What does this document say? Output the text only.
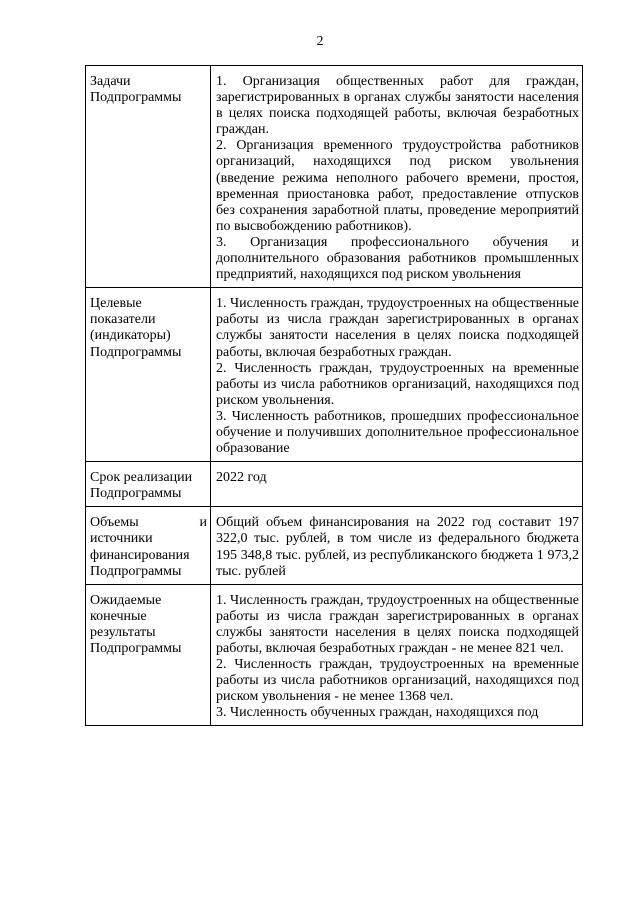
2
Задачи Подпрограммы	1. Организация общественных работ для граждан, зарегистрированных в органах службы занятости населения в целях поиска подходящей работы, включая безработных граждан.
2. Организация временного трудоустройства работников организаций, находящихся под риском увольнения (введение режима неполного рабочего времени, простоя, временная приостановка работ, предоставление отпусков без сохранения заработной платы, проведение мероприятий по высвобождению работников).
3. Организация профессионального обучения и дополнительного образования работников промышленных предприятий, находящихся под риском увольнения

Целевые показатели (индикаторы) Подпрограммы	1. Численность граждан, трудоустроенных на общественные работы из числа граждан зарегистрированных в органах службы занятости населения в целях поиска подходящей работы, включая безработных граждан.
2. Численность граждан, трудоустроенных на временные работы из числа работников организаций, находящихся под риском увольнения.
3. Численность работников, прошедших профессиональное обучение и получивших дополнительное профессиональное образование

Срок реализации Подпрограммы	2022 год

Объемы и источники финансирования Подпрограммы	Общий объем финансирования на 2022 год составит 197 322,0 тыс. рублей, в том числе из федерального бюджета 195 348,8 тыс. рублей, из республиканского бюджета 1 973,2 тыс. рублей

Ожидаемые конечные результаты Подпрограммы	1. Численность граждан, трудоустроенных на общественные работы из числа граждан зарегистрированных в органах службы занятости населения в целях поиска подходящей работы, включая безработных граждан - не менее 821 чел.
2. Численность граждан, трудоустроенных на временные работы из числа работников организаций, находящихся под риском увольнения - не менее 1368 чел.
3. Численность обученных граждан, находящихся под
